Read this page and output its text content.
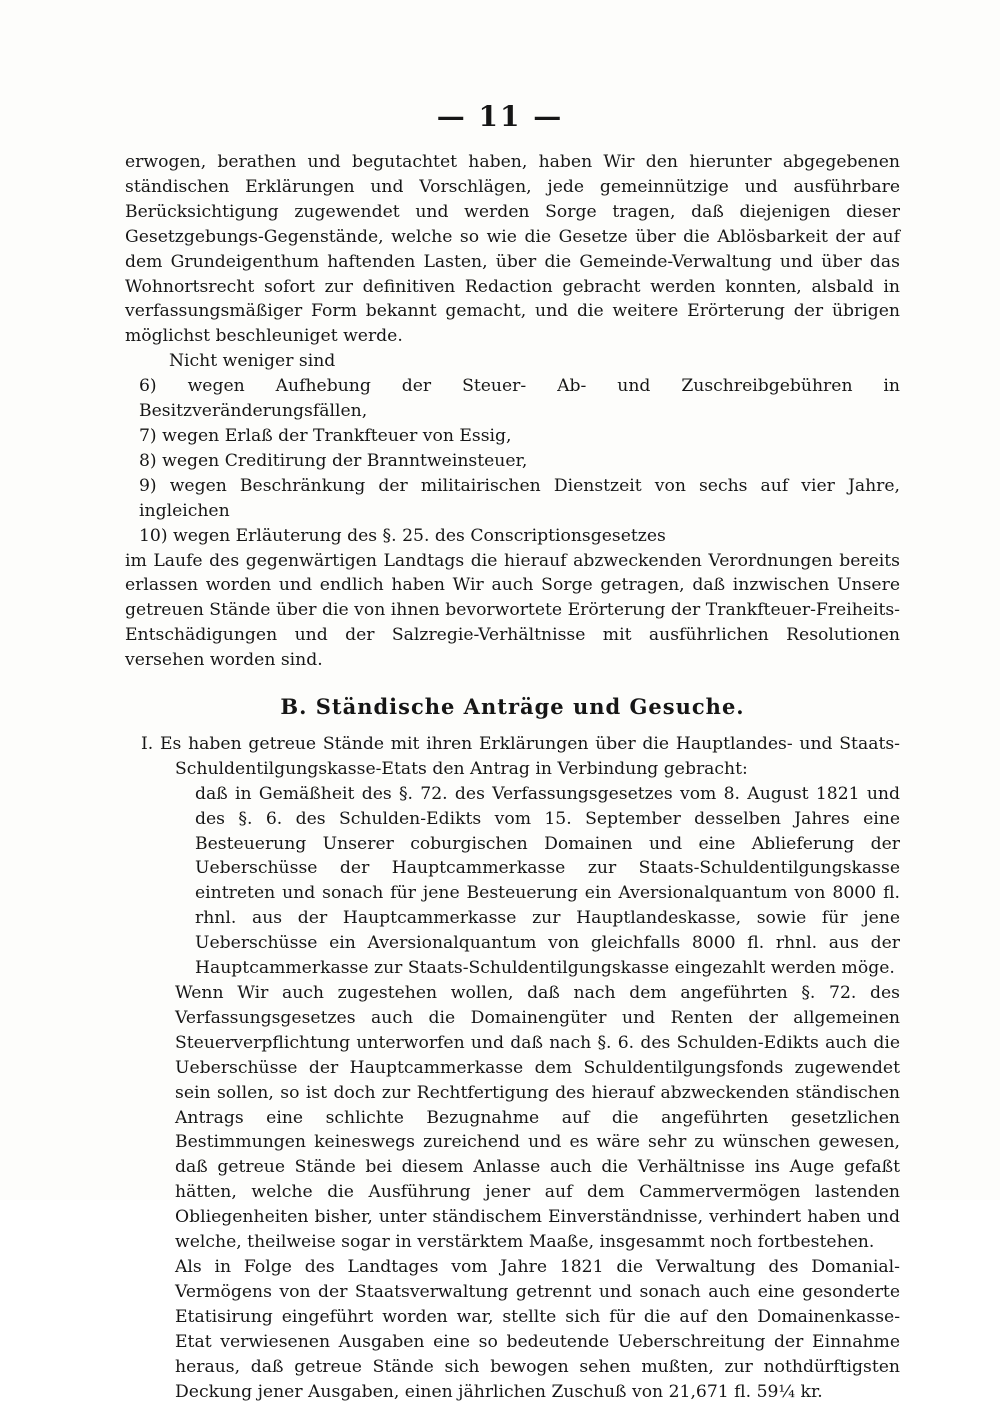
— 11 —

erwogen, berathen und begutachtet haben, haben Wir den hierunter abgegebenen ständischen Erklärungen und Vorschlägen, jede gemeinnützige und ausführbare Berücksichtigung zugewendet und werden Sorge tragen, daß diejenigen dieser Gesetzgebungs-Gegenstände, welche so wie die Gesetze über die Ablösbarkeit der auf dem Grundeigenthum haftenden Lasten, über die Gemeinde-Verwaltung und über das Wohnortsrecht sofort zur definitiven Redaction gebracht werden konnten, alsbald in verfassungsmäßiger Form bekannt gemacht, und die weitere Erörterung der übrigen möglichst beschleuniget werde.

Nicht weniger sind

6) wegen Aufhebung der Steuer- Ab- und Zuschreibgebühren in Besitzveränderungsfällen,

7) wegen Erlaß der Trankfteuer von Essig,

8) wegen Creditirung der Branntweinsteuer,

9) wegen Beschränkung der militairischen Dienstzeit von sechs auf vier Jahre, ingleichen

10) wegen Erläuterung des §. 25. des Conscriptionsgesetzes

im Laufe des gegenwärtigen Landtags die hierauf abzweckenden Verordnungen bereits erlassen worden und endlich haben Wir auch Sorge getragen, daß inzwischen Unsere getreuen Stände über die von ihnen bevorwortete Erörterung der Trankfteuer-Freiheits-Entschädigungen und der Salzregie-Verhältnisse mit ausführlichen Resolutionen versehen worden sind.

B. Ständische Anträge und Gesuche.

I. Es haben getreue Stände mit ihren Erklärungen über die Hauptlandes- und Staats-Schuldentilgungskasse-Etats den Antrag in Verbindung gebracht:

daß in Gemäßheit des §. 72. des Verfassungsgesetzes vom 8. August 1821 und des §. 6. des Schulden-Edikts vom 15. September desselben Jahres eine Besteuerung Unserer coburgischen Domainen und eine Ablieferung der Ueberschüsse der Hauptcammerkasse zur Staats-Schuldentilgungskasse eintreten und sonach für jene Besteuerung ein Aversionalquantum von 8000 fl. rhnl. aus der Hauptcammerkasse zur Hauptlandeskasse, sowie für jene Ueberschüsse ein Aversionalquantum von gleichfalls 8000 fl. rhnl. aus der Hauptcammerkasse zur Staats-Schuldentilgungskasse eingezahlt werden möge.

Wenn Wir auch zugestehen wollen, daß nach dem angeführten §. 72. des Verfassungsgesetzes auch die Domainengüter und Renten der allgemeinen Steuerverpflichtung unterworfen und daß nach §. 6. des Schulden-Edikts auch die Ueberschüsse der Hauptcammerkasse dem Schuldentilgungsfonds zugewendet sein sollen, so ist doch zur Rechtfertigung des hierauf abzweckenden ständischen Antrags eine schlichte Bezugnahme auf die angeführten gesetzlichen Bestimmungen keineswegs zureichend und es wäre sehr zu wünschen gewesen, daß getreue Stände bei diesem Anlasse auch die Verhältnisse ins Auge gefaßt hätten, welche die Ausführung jener auf dem Cammervermögen lastenden Obliegenheiten bisher, unter ständischem Einverständnisse, verhindert haben und welche, theilweise sogar in verstärktem Maaße, insgesammt noch fortbestehen.

Als in Folge des Landtages vom Jahre 1821 die Verwaltung des Domanial-Vermögens von der Staatsverwaltung getrennt und sonach auch eine gesonderte Etatisirung eingeführt worden war, stellte sich für die auf den Domainenkasse-Etat verwiesenen Ausgaben eine so bedeutende Ueberschreitung der Einnahme heraus, daß getreue Stände sich bewogen sehen mußten, zur nothdürftigsten Deckung jener Ausgaben, einen jährlichen Zuschuß von 21,671 fl. 59¼ kr.
